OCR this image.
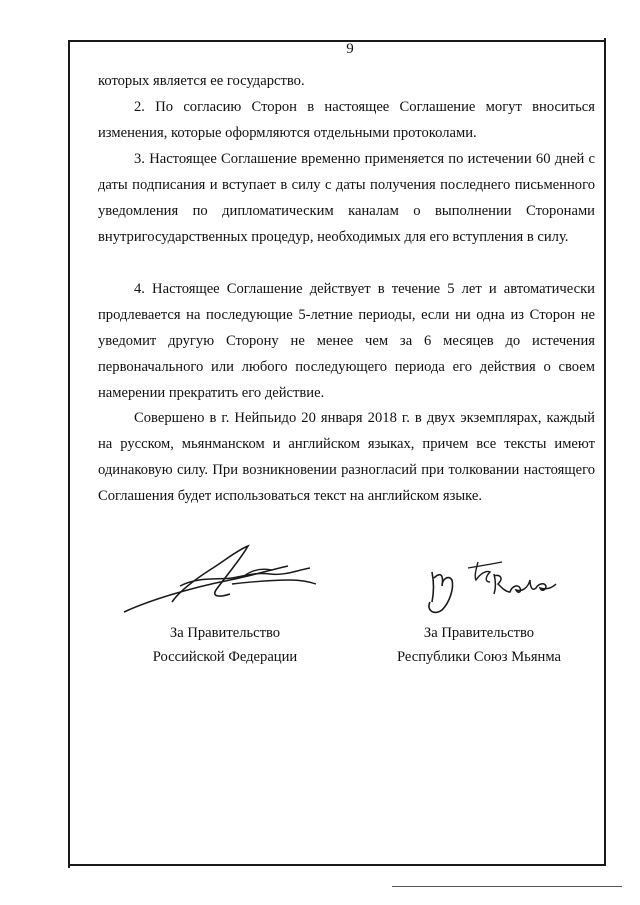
9

которых является ее государство.

2. По согласию Сторон в настоящее Соглашение могут вноситься изменения, которые оформляются отдельными протоколами.

3. Настоящее Соглашение временно применяется по истечении 60 дней с даты подписания и вступает в силу с даты получения последнего письменного уведомления по дипломатическим каналам о выполнении Сторонами внутригосударственных процедур, необходимых для его вступления в силу.

4. Настоящее Соглашение действует в течение 5 лет и автоматически продлевается на последующие 5-летние периоды, если ни одна из Сторон не уведомит другую Сторону не менее чем за 6 месяцев до истечения первоначального или любого последующего периода его действия о своем намерении прекратить его действие.

Совершено в г. Нейпьидо 20 января 2018 г. в двух экземплярах, каждый на русском, мьянманском и английском языках, причем все тексты имеют одинаковую силу. При возникновении разногласий при толковании настоящего Соглашения будет использоваться текст на английском языке.

За Правительство
Российской Федерации
За Правительство
Республики Союз Мьянма
